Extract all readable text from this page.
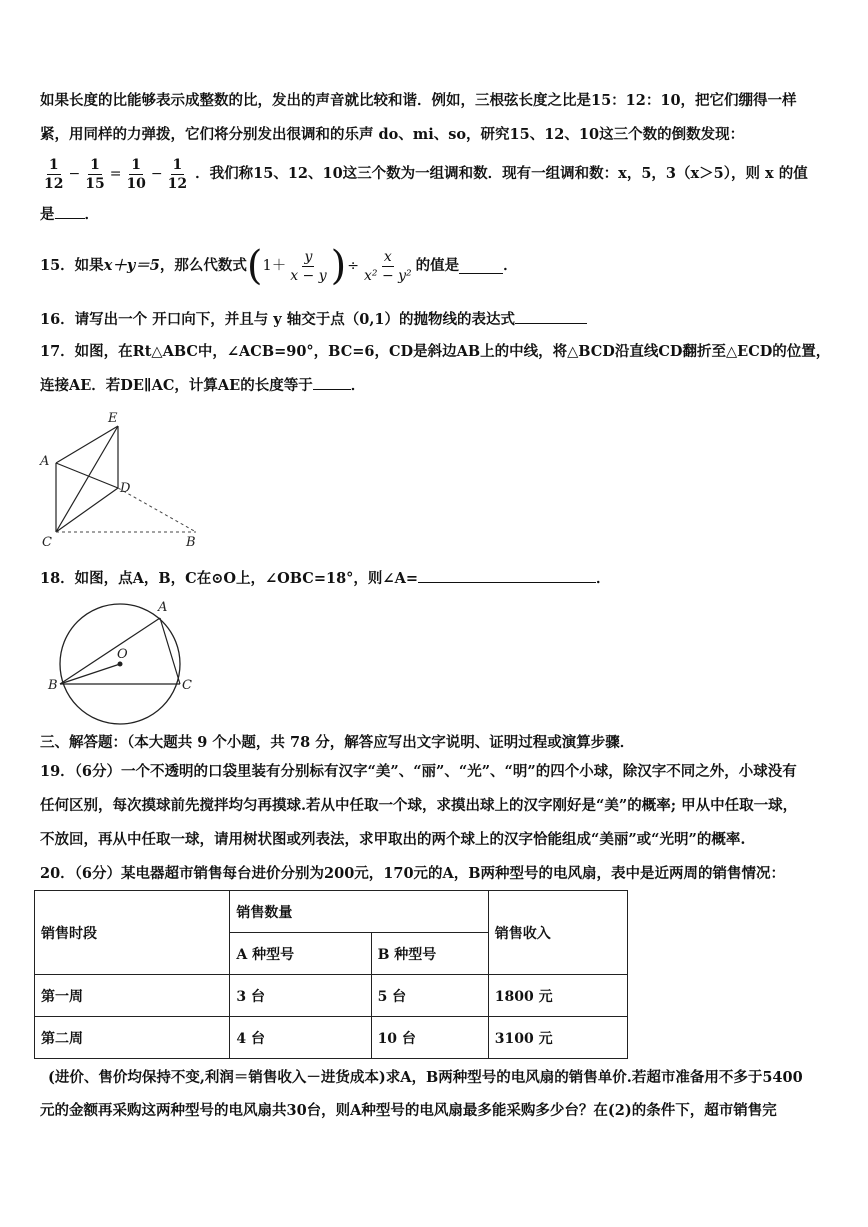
如果长度的比能够表示成整数的比，发出的声音就比较和谐．例如，三根弦长度之比是15：12：10，把它们绷得一样
紧，用同样的力弹拨，它们将分别发出很调和的乐声 do、mi、so，研究15、12、10这三个数的倒数发现：
$\frac{1}{12} - \frac{1}{15} = \frac{1}{10} - \frac{1}{12}$ ．我们称15、12、10这三个数为一组调和数．现有一组调和数：x，5，3（x＞5），则 x 的值
是 ．
15．如果 x＋y＝5 ，那么代数式 ( $1+ \frac{y}{x - y}$ ) ÷ $\frac{x}{\text{x² − y²}}$ 的值是	．
16．请写出一个 开口向下，并且与 y 轴交于点（0,1）的抛物线的表达式
17．如图，在Rt△ABC中，∠ACB=90°，BC=6，CD是斜边AB上的中线，将△BCD沿直线CD翻折至△ECD的位置，
连接AE．若DE∥AC，计算AE的长度等于	．
E
A
D
C	B
18．如图，点A，B，C在⊙O上，∠OBC=18°，则∠A=	．
A
O
B	C
三、解答题：（本大题共 9 个小题，共 78 分，解答应写出文字说明、证明过程或演算步骤．
19．（6分）一个不透明的口袋里装有分别标有汉字“美”、“丽”、“光”、“明”的四个小球，除汉字不同之外，小球没有
任何区别，每次摸球前先搅拌均匀再摸球.若从中任取一个球，求摸出球上的汉字刚好是“美”的概率; 甲从中任取一球，
不放回，再从中任取一球，请用树状图或列表法，求甲取出的两个球上的汉字恰能组成“美丽”或“光明”的概率.
20．（6分）某电器超市销售每台进价分别为200元，170元的A，B两种型号的电风扇，表中是近两周的销售情况：
销售时段	销售数量		销售收入
	A 种型号	B 种型号	
第一周	3 台	5 台	1800 元
第二周	4 台	10 台	3100 元
(进价、售价均保持不变,利润＝销售收入－进货成本)求A，B两种型号的电风扇的销售单价.若超市准备用不多于5400
元的金额再采购这两种型号的电风扇共30台，则A种型号的电风扇最多能采购多少台？在(2)的条件下，超市销售完
